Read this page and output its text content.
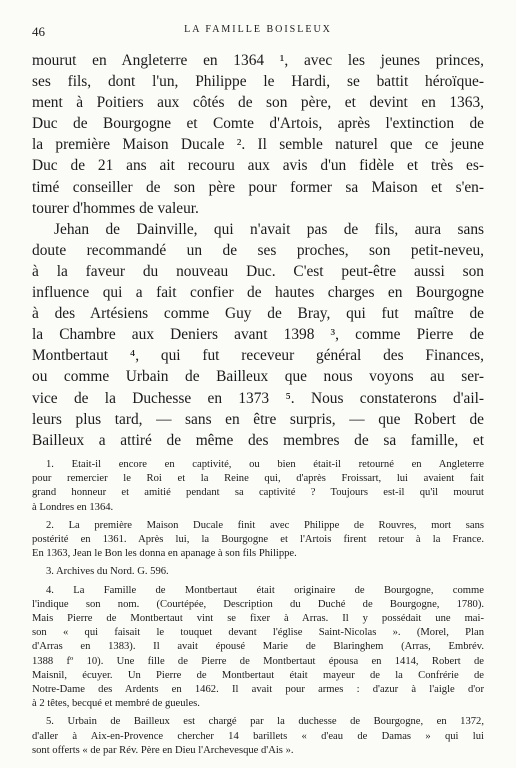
46	LA FAMILLE BOISLEUX

mourut en Angleterre en 1364 ¹, avec les jeunes princes,
ses fils, dont l'un, Philippe le Hardi, se battit héroïque-
ment à Poitiers aux côtés de son père, et devint en 1363,
Duc de Bourgogne et Comte d'Artois, après l'extinction de
la première Maison Ducale ². Il semble naturel que ce jeune
Duc de 21 ans ait recouru aux avis d'un fidèle et très es-
timé conseiller de son père pour former sa Maison et s'en-
tourer d'hommes de valeur.

Jehan de Dainville, qui n'avait pas de fils, aura sans
doute recommandé un de ses proches, son petit-neveu,
à la faveur du nouveau Duc. C'est peut-être aussi son
influence qui a fait confier de hautes charges en Bourgogne
à des Artésiens comme Guy de Bray, qui fut maître de
la Chambre aux Deniers avant 1398 ³, comme Pierre de
Montbertaut ⁴, qui fut receveur général des Finances,
ou comme Urbain de Bailleux que nous voyons au ser-
vice de la Duchesse en 1373 ⁵. Nous constaterons d'ail-
leurs plus tard, — sans en être surpris, — que Robert de
Bailleux a attiré de même des membres de sa famille, et

1. Etait-il encore en captivité, ou bien était-il retourné en Angleterre
pour remercier le Roi et la Reine qui, d'après Froissart, lui avaient fait
grand honneur et amitié pendant sa captivité ? Toujours est-il qu'il mourut
à Londres en 1364.
2. La première Maison Ducale finit avec Philippe de Rouvres, mort sans
postérité en 1361. Après lui, la Bourgogne et l'Artois firent retour à la France.
En 1363, Jean le Bon les donna en apanage à son fils Philippe.
3. Archives du Nord. G. 596.
4. La Famille de Montbertaut était originaire de Bourgogne, comme
l'indique son nom. (Courtépée, Description du Duché de Bourgogne, 1780).
Mais Pierre de Montbertaut vint se fixer à Arras. Il y possédait une mai-
son « qui faisait le touquet devant l'église Saint-Nicolas ». (Morel, Plan
d'Arras en 1383). Il avait épousé Marie de Blaringhem (Arras, Embrév.
1388 fº 10). Une fille de Pierre de Montbertaut épousa en 1414, Robert de
Maisnil, écuyer. Un Pierre de Montbertaut était mayeur de la Confrérie de
Notre-Dame des Ardents en 1462. Il avait pour armes : d'azur à l'aigle d'or
à 2 têtes, becqué et membré de gueules.
5. Urbain de Bailleux est chargé par la duchesse de Bourgogne, en 1372,
d'aller à Aix-en-Provence chercher 14 barillets « d'eau de Damas » qui lui
sont offerts « de par Rév. Père en Dieu l'Archevesque d'Ais ».
